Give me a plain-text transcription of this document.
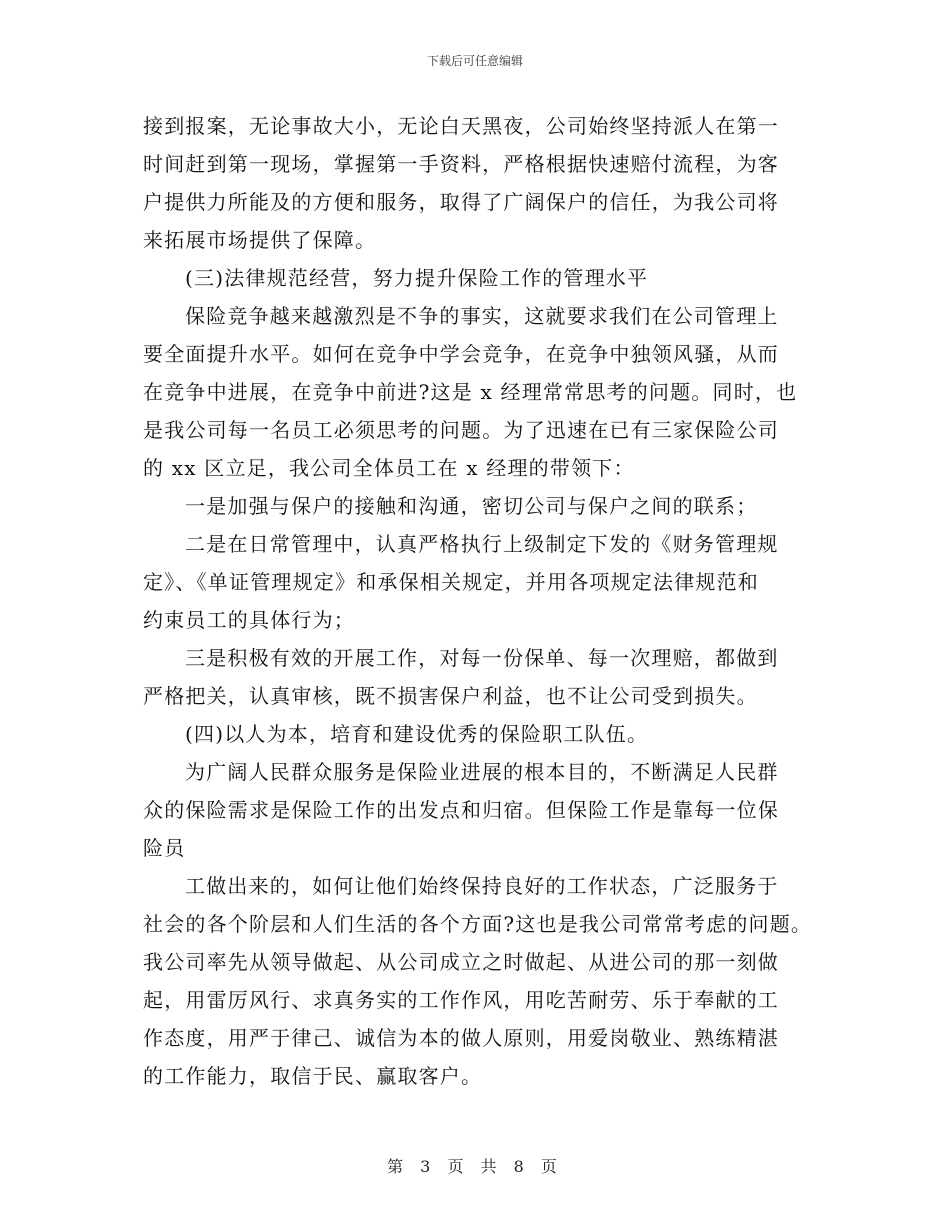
下载后可任意编辑
接到报案，无论事故大小，无论白天黑夜，公司始终坚持派人在第一
时间赶到第一现场，掌握第一手资料，严格根据快速赔付流程，为客
户提供力所能及的方便和服务，取得了广阔保户的信任，为我公司将
来拓展市场提供了保障。
(三)法律规范经营，努力提升保险工作的管理水平
保险竞争越来越激烈是不争的事实，这就要求我们在公司管理上
要全面提升水平。如何在竞争中学会竞争，在竞争中独领风骚，从而
在竞争中进展，在竞争中前进?这是 x 经理常常思考的问题。同时，也
是我公司每一名员工必须思考的问题。为了迅速在已有三家保险公司
的 xx 区立足，我公司全体员工在 x 经理的带领下：
一是加强与保户的接触和沟通，密切公司与保户之间的联系；
二是在日常管理中，认真严格执行上级制定下发的《财务管理规
定》、《单证管理规定》和承保相关规定，并用各项规定法律规范和
约束员工的具体行为；
三是积极有效的开展工作，对每一份保单、每一次理赔，都做到
严格把关，认真审核，既不损害保户利益，也不让公司受到损失。
(四)以人为本，培育和建设优秀的保险职工队伍。
为广阔人民群众服务是保险业进展的根本目的，不断满足人民群
众的保险需求是保险工作的出发点和归宿。但保险工作是靠每一位保
险员
工做出来的，如何让他们始终保持良好的工作状态，广泛服务于
社会的各个阶层和人们生活的各个方面?这也是我公司常常考虑的问题。
我公司率先从领导做起、从公司成立之时做起、从进公司的那一刻做
起，用雷厉风行、求真务实的工作作风，用吃苦耐劳、乐于奉献的工
作态度，用严于律己、诚信为本的做人原则，用爱岗敬业、熟练精湛
的工作能力，取信于民、赢取客户。
第 3 页 共 8 页
